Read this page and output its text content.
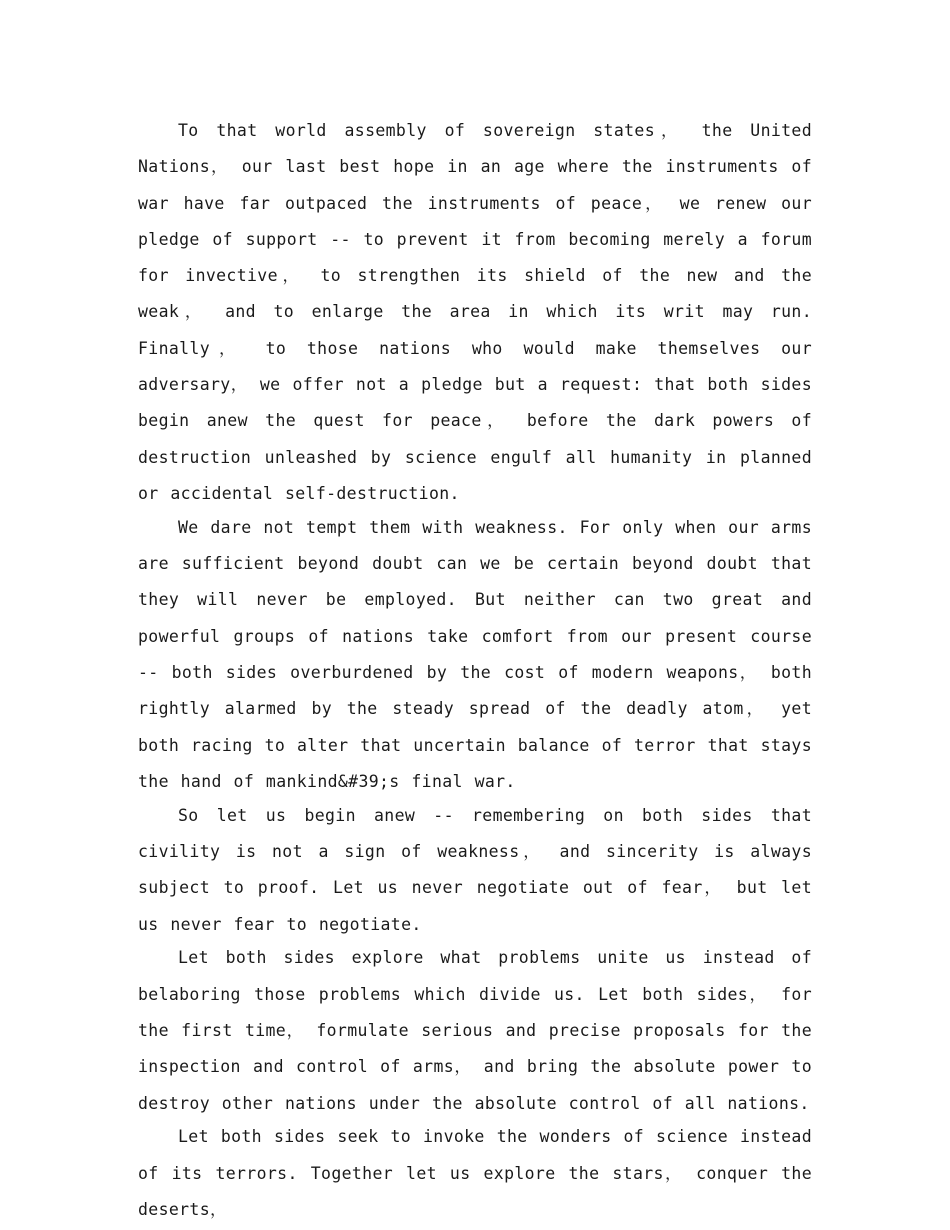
To that world assembly of sovereign states， the United Nations， our last best hope in an age where the instruments of war have far outpaced the instruments of peace， we renew our pledge of support -- to prevent it from becoming merely a forum for invective， to strengthen its shield of the new and the weak， and to enlarge the area in which its writ may run. Finally， to those nations who would make themselves our adversary， we offer not a pledge but a request: that both sides begin anew the quest for peace， before the dark powers of destruction unleashed by science engulf all humanity in planned or accidental self-destruction.

We dare not tempt them with weakness. For only when our arms are sufficient beyond doubt can we be certain beyond doubt that they will never be employed. But neither can two great and powerful groups of nations take comfort from our present course -- both sides overburdened by the cost of modern weapons， both rightly alarmed by the steady spread of the deadly atom， yet both racing to alter that uncertain balance of terror that stays the hand of mankind&#39;s final war.

So let us begin anew -- remembering on both sides that civility is not a sign of weakness， and sincerity is always subject to proof. Let us never negotiate out of fear， but let us never fear to negotiate.

Let both sides explore what problems unite us instead of belaboring those problems which divide us. Let both sides， for the first time， formulate serious and precise proposals for the inspection and control of arms， and bring the absolute power to destroy other nations under the absolute control of all nations.

Let both sides seek to invoke the wonders of science instead of its terrors. Together let us explore the stars， conquer the deserts，
